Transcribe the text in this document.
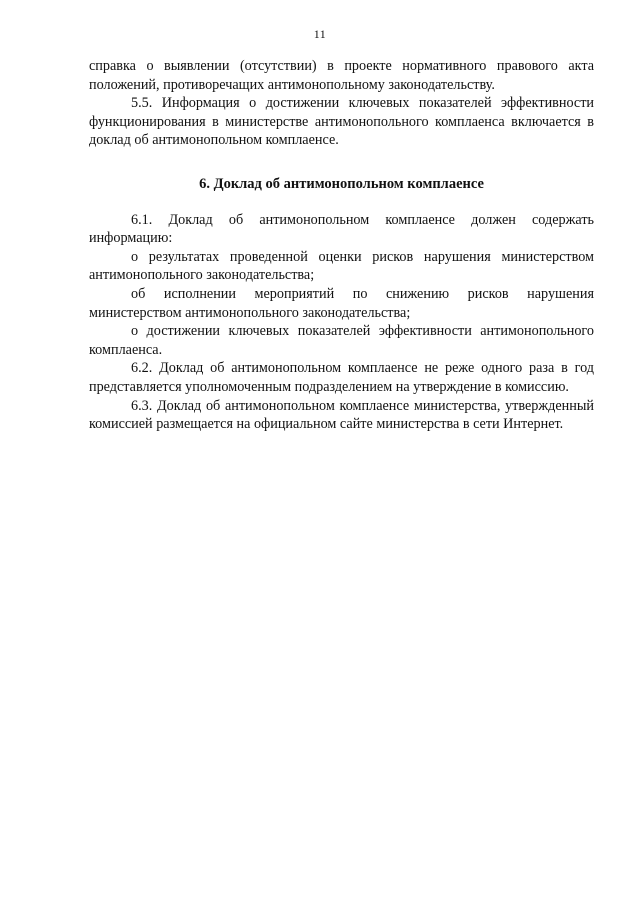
11

справка о выявлении (отсутствии) в проекте нормативного правового акта положений, противоречащих антимонопольному законодательству.

5.5. Информация о достижении ключевых показателей эффективности функционирования в министерстве антимонопольного комплаенса включается в доклад об антимонопольном комплаенсе.

6. Доклад об антимонопольном комплаенсе

6.1. Доклад об антимонопольном комплаенсе должен содержать информацию:

о результатах проведенной оценки рисков нарушения министерством антимонопольного законодательства;

об исполнении мероприятий по снижению рисков нарушения министерством антимонопольного законодательства;

о достижении ключевых показателей эффективности антимонопольного комплаенса.

6.2. Доклад об антимонопольном комплаенсе не реже одного раза в год представляется уполномоченным подразделением на утверждение в комиссию.

6.3. Доклад об антимонопольном комплаенсе министерства, утвержденный комиссией размещается на официальном сайте министерства в сети Интернет.
